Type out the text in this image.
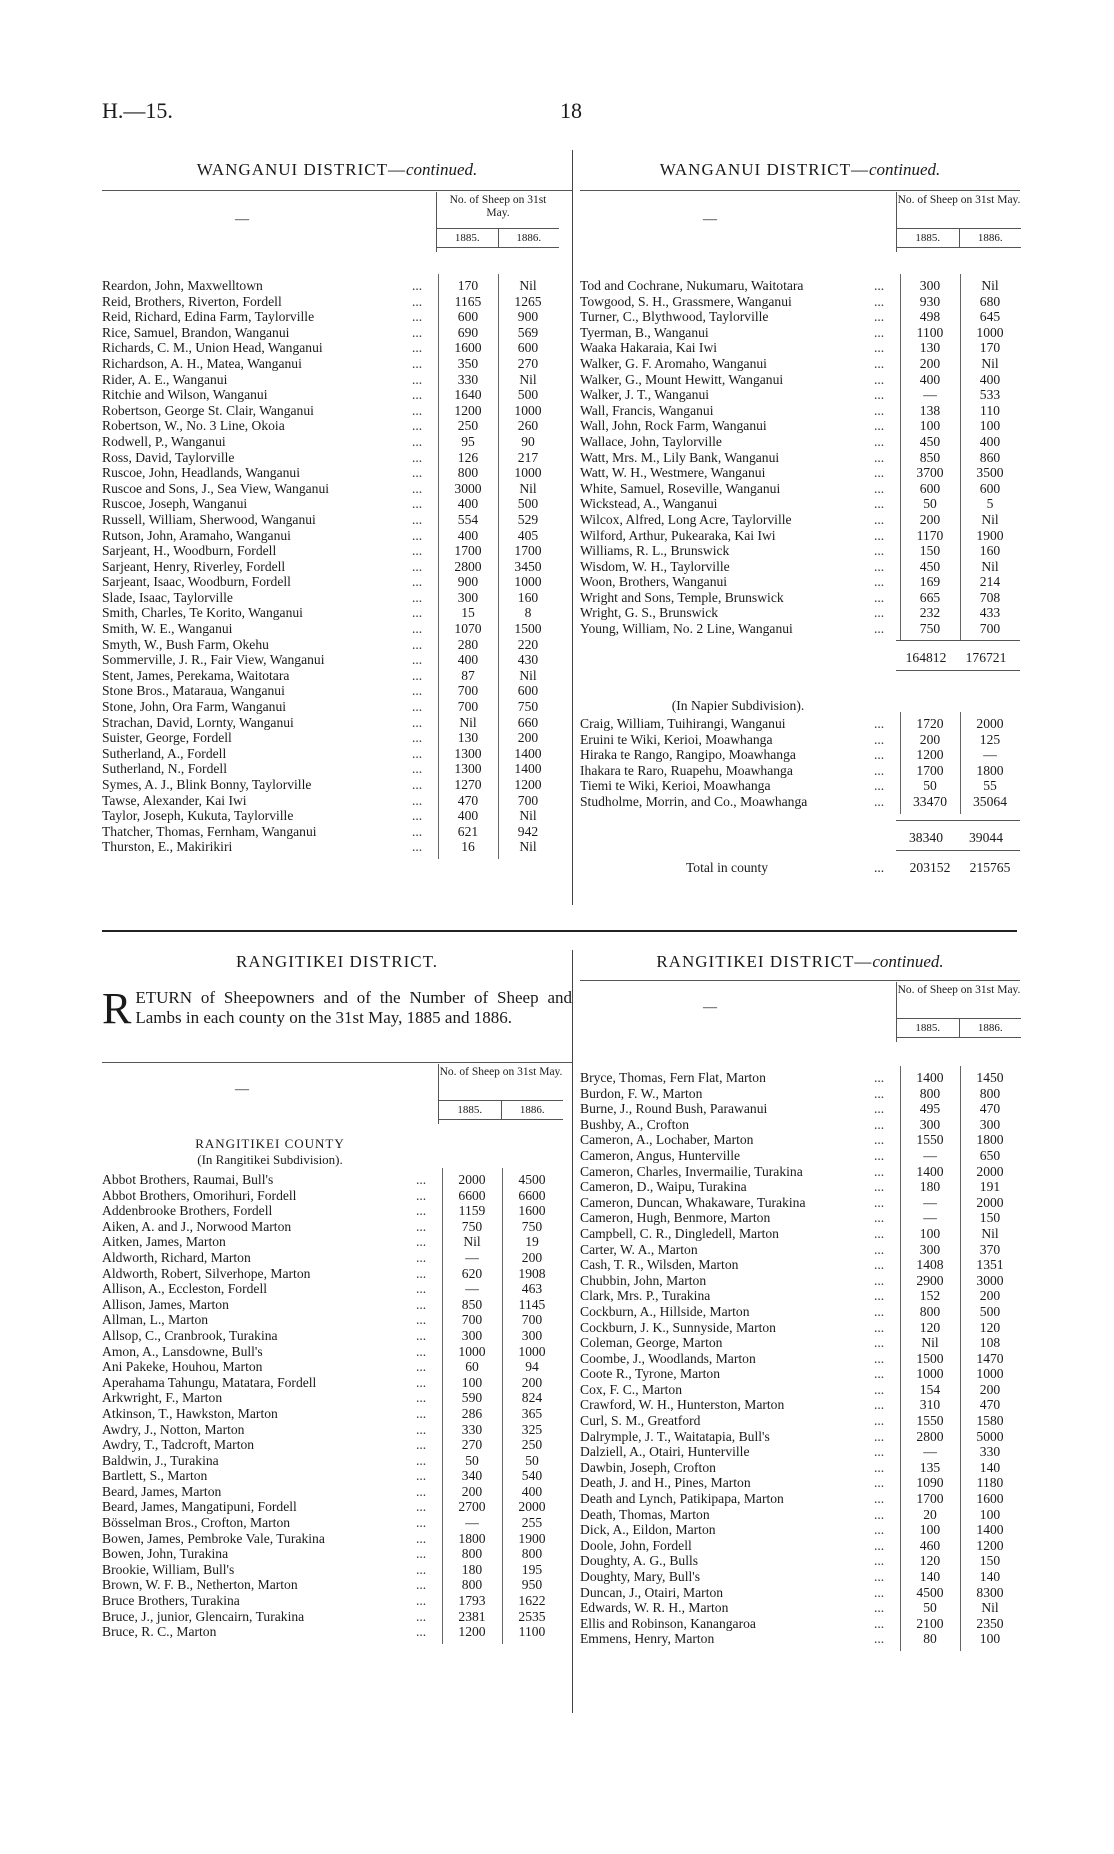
H.—15.	18
WANGANUI DISTRICT—continued.
—
No. of Sheep on 31st May.
1885.	1886.
Reardon, John, Maxwelltown	...	170	Nil
Reid, Brothers, Riverton, Fordell	...	1165	1265
Reid, Richard, Edina Farm, Taylorville	...	600	900
Rice, Samuel, Brandon, Wanganui	...	690	569
Richards, C. M., Union Head, Wanganui	...	1600	600
Richardson, A. H., Matea, Wanganui	...	350	270
Rider, A. E., Wanganui	...	330	Nil
Ritchie and Wilson, Wanganui	...	1640	500
Robertson, George St. Clair, Wanganui	...	1200	1000
Robertson, W., No. 3 Line, Okoia	...	250	260
Rodwell, P., Wanganui	...	95	90
Ross, David, Taylorville	...	126	217
Ruscoe, John, Headlands, Wanganui	...	800	1000
Ruscoe and Sons, J., Sea View, Wanganui	...	3000	Nil
Ruscoe, Joseph, Wanganui	...	400	500
Russell, William, Sherwood, Wanganui	...	554	529
Rutson, John, Aramaho, Wanganui	...	400	405
Sarjeant, H., Woodburn, Fordell	...	1700	1700
Sarjeant, Henry, Riverley, Fordell	...	2800	3450
Sarjeant, Isaac, Woodburn, Fordell	...	900	1000
Slade, Isaac, Taylorville	...	300	160
Smith, Charles, Te Korito, Wanganui	...	15	8
Smith, W. E., Wanganui	...	1070	1500
Smyth, W., Bush Farm, Okehu	...	280	220
Sommerville, J. R., Fair View, Wanganui	...	400	430
Stent, James, Perekama, Waitotara	...	87	Nil
Stone Bros., Mataraua, Wanganui	...	700	600
Stone, John, Ora Farm, Wanganui	...	700	750
Strachan, David, Lornty, Wanganui	...	Nil	660
Suister, George, Fordell	...	130	200
Sutherland, A., Fordell	...	1300	1400
Sutherland, N., Fordell	...	1300	1400
Symes, A. J., Blink Bonny, Taylorville	...	1270	1200
Tawse, Alexander, Kai Iwi	...	470	700
Taylor, Joseph, Kukuta, Taylorville	...	400	Nil
Thatcher, Thomas, Fernham, Wanganui	...	621	942
Thurston, E., Makirikiri	...	16	Nil
WANGANUI DISTRICT—continued.
—
No. of Sheep on 31st May.
1885.	1886.
Tod and Cochrane, Nukumaru, Waitotara	...	300	Nil
Towgood, S. H., Grassmere, Wanganui	...	930	680
Turner, C., Blythwood, Taylorville	...	498	645
Tyerman, B., Wanganui	...	1100	1000
Waaka Hakaraia, Kai Iwi	...	130	170
Walker, G. F. Aromaho, Wanganui	...	200	Nil
Walker, G., Mount Hewitt, Wanganui	...	400	400
Walker, J. T., Wanganui	...	—	533
Wall, Francis, Wanganui	...	138	110
Wall, John, Rock Farm, Wanganui	...	100	100
Wallace, John, Taylorville	...	450	400
Watt, Mrs. M., Lily Bank, Wanganui	...	850	860
Watt, W. H., Westmere, Wanganui	...	3700	3500
White, Samuel, Roseville, Wanganui	...	600	600
Wickstead, A., Wanganui	...	50	5
Wilcox, Alfred, Long Acre, Taylorville	...	200	Nil
Wilford, Arthur, Pukearaka, Kai Iwi	...	1170	1900
Williams, R. L., Brunswick	...	150	160
Wisdom, W. H., Taylorville	...	450	Nil
Woon, Brothers, Wanganui	...	169	214
Wright and Sons, Temple, Brunswick	...	665	708
Wright, G. S., Brunswick	...	232	433
Young, William, No. 2 Line, Wanganui	...	750	700
164812	176721
(In Napier Subdivision).
Craig, William, Tuihirangi, Wanganui	...	1720	2000
Eruini te Wiki, Kerioi, Moawhanga	...	200	125
Hiraka te Rango, Rangipo, Moawhanga	...	1200	—
Ihakara te Raro, Ruapehu, Moawhanga	...	1700	1800
Tiemi te Wiki, Kerioi, Moawhanga	...	50	55
Studholme, Morrin, and Co., Moawhanga	...	33470	35064
38340	39044
Total in county	...	203152	215765
RANGITIKEI DISTRICT.
RETURN of Sheepowners and of the Number of Sheep and Lambs in each county on the 31st May, 1885 and 1886.
—
No. of Sheep on 31st May.
1885.	1886.
RANGITIKEI COUNTY
(In Rangitikei Subdivision).
Abbot Brothers, Raumai, Bull's	...	2000	4500
Abbot Brothers, Omorihuri, Fordell	...	6600	6600
Addenbrooke Brothers, Fordell	...	1159	1600
Aiken, A. and J., Norwood Marton	...	750	750
Aitken, James, Marton	...	Nil	19
Aldworth, Richard, Marton	...	—	200
Aldworth, Robert, Silverhope, Marton	...	620	1908
Allison, A., Eccleston, Fordell	...	—	463
Allison, James, Marton	...	850	1145
Allman, L., Marton	...	700	700
Allsop, C., Cranbrook, Turakina	...	300	300
Amon, A., Lansdowne, Bull's	...	1000	1000
Ani Pakeke, Houhou, Marton	...	60	94
Aperahama Tahungu, Matatara, Fordell	...	100	200
Arkwright, F., Marton	...	590	824
Atkinson, T., Hawkston, Marton	...	286	365
Awdry, J., Notton, Marton	...	330	325
Awdry, T., Tadcroft, Marton	...	270	250
Baldwin, J., Turakina	...	50	50
Bartlett, S., Marton	...	340	540
Beard, James, Marton	...	200	400
Beard, James, Mangatipuni, Fordell	...	2700	2000
Bösselman Bros., Crofton, Marton	...	—	255
Bowen, James, Pembroke Vale, Turakina	...	1800	1900
Bowen, John, Turakina	...	800	800
Brookie, William, Bull's	...	180	195
Brown, W. F. B., Netherton, Marton	...	800	950
Bruce Brothers, Turakina	...	1793	1622
Bruce, J., junior, Glencairn, Turakina	...	2381	2535
Bruce, R. C., Marton	...	1200	1100
RANGITIKEI DISTRICT—continued.
—
No. of Sheep on 31st May.
1885.	1886.
Bryce, Thomas, Fern Flat, Marton	...	1400	1450
Burdon, F. W., Marton	...	800	800
Burne, J., Round Bush, Parawanui	...	495	470
Bushby, A., Crofton	...	300	300
Cameron, A., Lochaber, Marton	...	1550	1800
Cameron, Angus, Hunterville	...	—	650
Cameron, Charles, Invermailie, Turakina	...	1400	2000
Cameron, D., Waipu, Turakina	...	180	191
Cameron, Duncan, Whakaware, Turakina	...	—	2000
Cameron, Hugh, Benmore, Marton	...	—	150
Campbell, C. R., Dingledell, Marton	...	100	Nil
Carter, W. A., Marton	...	300	370
Cash, T. R., Wilsden, Marton	...	1408	1351
Chubbin, John, Marton	...	2900	3000
Clark, Mrs. P., Turakina	...	152	200
Cockburn, A., Hillside, Marton	...	800	500
Cockburn, J. K., Sunnyside, Marton	...	120	120
Coleman, George, Marton	...	Nil	108
Coombe, J., Woodlands, Marton	...	1500	1470
Coote R., Tyrone, Marton	...	1000	1000
Cox, F. C., Marton	...	154	200
Crawford, W. H., Hunterston, Marton	...	310	470
Curl, S. M., Greatford	...	1550	1580
Dalrymple, J. T., Waitatapia, Bull's	...	2800	5000
Dalziell, A., Otairi, Hunterville	...	—	330
Dawbin, Joseph, Crofton	...	135	140
Death, J. and H., Pines, Marton	...	1090	1180
Death and Lynch, Patikipapa, Marton	...	1700	1600
Death, Thomas, Marton	...	20	100
Dick, A., Eildon, Marton	...	100	1400
Doole, John, Fordell	...	460	1200
Doughty, A. G., Bulls	...	120	150
Doughty, Mary, Bull's	...	140	140
Duncan, J., Otairi, Marton	...	4500	8300
Edwards, W. R. H., Marton	...	50	Nil
Ellis and Robinson, Kanangaroa	...	2100	2350
Emmens, Henry, Marton	...	80	100
